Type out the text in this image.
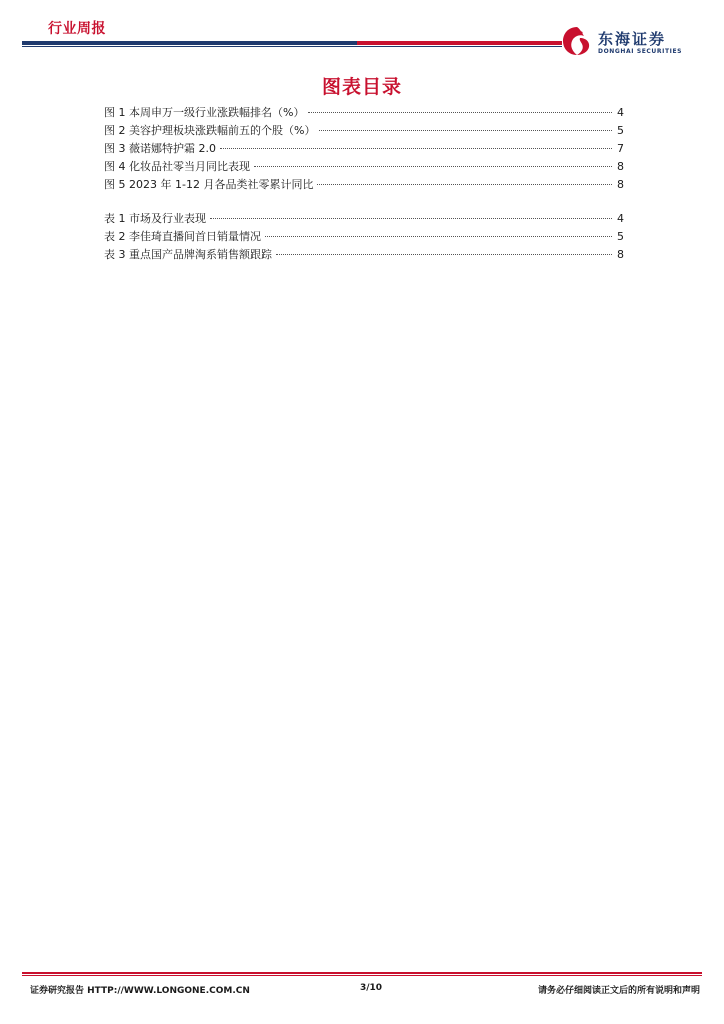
行业周报
东海证券
DONGHAI SECURITIES
图表目录
图 1 本周申万一级行业涨跌幅排名（%）	4
图 2 美容护理板块涨跌幅前五的个股（%）	5
图 3 薇诺娜特护霜 2.0	7
图 4 化妆品社零当月同比表现	8
图 5 2023 年 1-12 月各品类社零累计同比	8
表 1 市场及行业表现	4
表 2 李佳琦直播间首日销量情况	5
表 3 重点国产品牌淘系销售额跟踪	8
证券研究报告 HTTP://WWW.LONGONE.COM.CN	3/10	请务必仔细阅读正文后的所有说明和声明
